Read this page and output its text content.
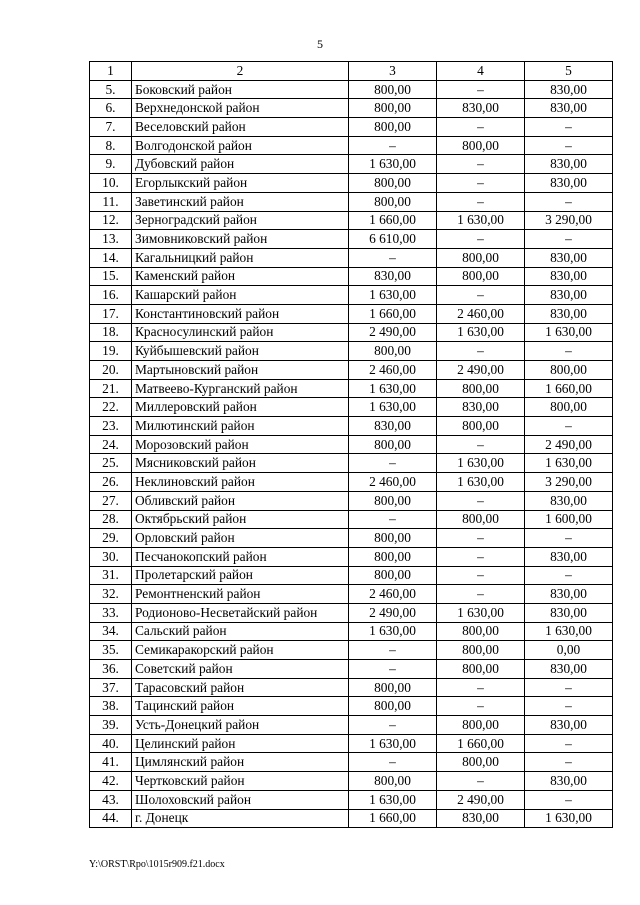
5
1	2	3	4	5
5.	Боковский район	800,00	–	830,00
6.	Верхнедонской район	800,00	830,00	830,00
7.	Веселовский район	800,00	–	–
8.	Волгодонской район	–	800,00	–
9.	Дубовский район	1 630,00	–	830,00
10.	Егорлыкский район	800,00	–	830,00
11.	Заветинский район	800,00	–	–
12.	Зерноградский район	1 660,00	1 630,00	3 290,00
13.	Зимовниковский район	6 610,00	–	–
14.	Кагальницкий район	–	800,00	830,00
15.	Каменский район	830,00	800,00	830,00
16.	Кашарский район	1 630,00	–	830,00
17.	Константиновский район	1 660,00	2 460,00	830,00
18.	Красносулинский район	2 490,00	1 630,00	1 630,00
19.	Куйбышевский район	800,00	–	–
20.	Мартыновский район	2 460,00	2 490,00	800,00
21.	Матвеево-Курганский район	1 630,00	800,00	1 660,00
22.	Миллеровский район	1 630,00	830,00	800,00
23.	Милютинский район	830,00	800,00	–
24.	Морозовский район	800,00	–	2 490,00
25.	Мясниковский район	–	1 630,00	1 630,00
26.	Неклиновский район	2 460,00	1 630,00	3 290,00
27.	Обливский район	800,00	–	830,00
28.	Октябрьский район	–	800,00	1 600,00
29.	Орловский район	800,00	–	–
30.	Песчанокопский район	800,00	–	830,00
31.	Пролетарский район	800,00	–	–
32.	Ремонтненский район	2 460,00	–	830,00
33.	Родионово-Несветайский район	2 490,00	1 630,00	830,00
34.	Сальский район	1 630,00	800,00	1 630,00
35.	Семикаракорский район	–	800,00	0,00
36.	Советский район	–	800,00	830,00
37.	Тарасовский район	800,00	–	–
38.	Тацинский район	800,00	–	–
39.	Усть-Донецкий район	–	800,00	830,00
40.	Целинский район	1 630,00	1 660,00	–
41.	Цимлянский район	–	800,00	–
42.	Чертковский район	800,00	–	830,00
43.	Шолоховский район	1 630,00	2 490,00	–
44.	г. Донецк	1 660,00	830,00	1 630,00
Y:\ORST\Rpo\1015r909.f21.docx
